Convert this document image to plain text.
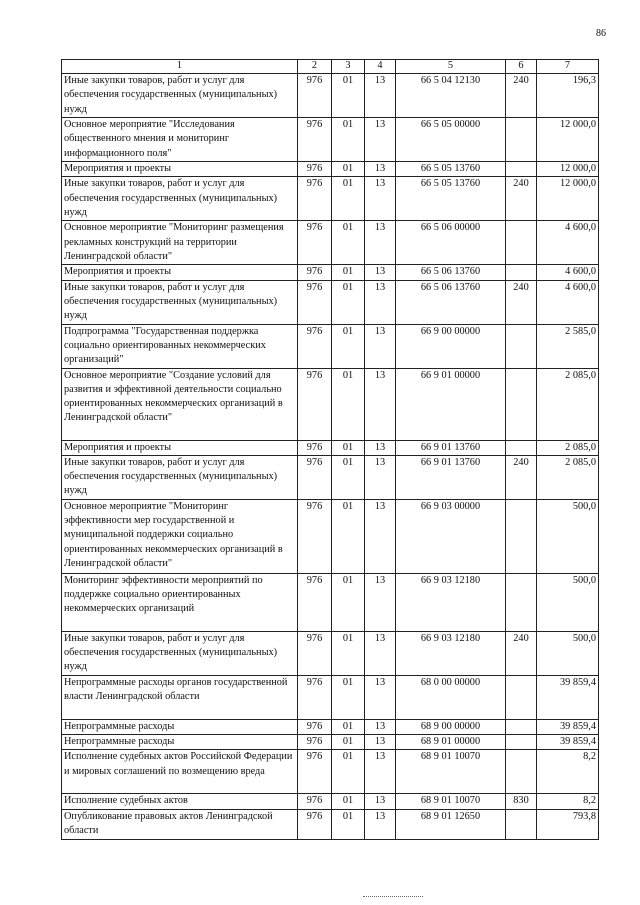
86
1	2	3	4	5	6	7
Иные закупки товаров, работ и услуг для обеспечения государственных (муниципальных) нужд	976	01	13	66 5 04 12130	240	196,3
Основное мероприятие "Исследования общественного мнения и мониторинг информационного поля"	976	01	13	66 5 05 00000		12 000,0
Мероприятия и проекты	976	01	13	66 5 05 13760		12 000,0
Иные закупки товаров, работ и услуг для обеспечения государственных (муниципальных) нужд	976	01	13	66 5 05 13760	240	12 000,0
Основное мероприятие "Мониторинг размещения рекламных конструкций на территории Ленинградской области"	976	01	13	66 5 06 00000		4 600,0
Мероприятия и проекты	976	01	13	66 5 06 13760		4 600,0
Иные закупки товаров, работ и услуг для обеспечения государственных (муниципальных) нужд	976	01	13	66 5 06 13760	240	4 600,0
Подпрограмма "Государственная поддержка социально ориентированных некоммерческих организаций"	976	01	13	66 9 00 00000		2 585,0
Основное мероприятие "Создание условий для развития и эффективной деятельности социально ориентированных некоммерческих организаций в Ленинградской области"	976	01	13	66 9 01 00000		2 085,0
Мероприятия и проекты	976	01	13	66 9 01 13760		2 085,0
Иные закупки товаров, работ и услуг для обеспечения государственных (муниципальных) нужд	976	01	13	66 9 01 13760	240	2 085,0
Основное мероприятие "Мониторинг эффективности мер государственной и муниципальной поддержки социально ориентированных некоммерческих организаций в Ленинградской области"	976	01	13	66 9 03 00000		500,0
Мониторинг эффективности мероприятий по поддержке социально ориентированных некоммерческих организаций	976	01	13	66 9 03 12180		500,0
Иные закупки товаров, работ и услуг для обеспечения государственных (муниципальных) нужд	976	01	13	66 9 03 12180	240	500,0
Непрограммные расходы органов государственной власти Ленинградской области	976	01	13	68 0 00 00000		39 859,4
Непрограммные расходы	976	01	13	68 9 00 00000		39 859,4
Непрограммные расходы	976	01	13	68 9 01 00000		39 859,4
Исполнение судебных актов Российской Федерации и мировых соглашений по возмещению вреда	976	01	13	68 9 01 10070		8,2
Исполнение судебных актов	976	01	13	68 9 01 10070	830	8,2
Опубликование правовых актов Ленинградской области	976	01	13	68 9 01 12650		793,8
